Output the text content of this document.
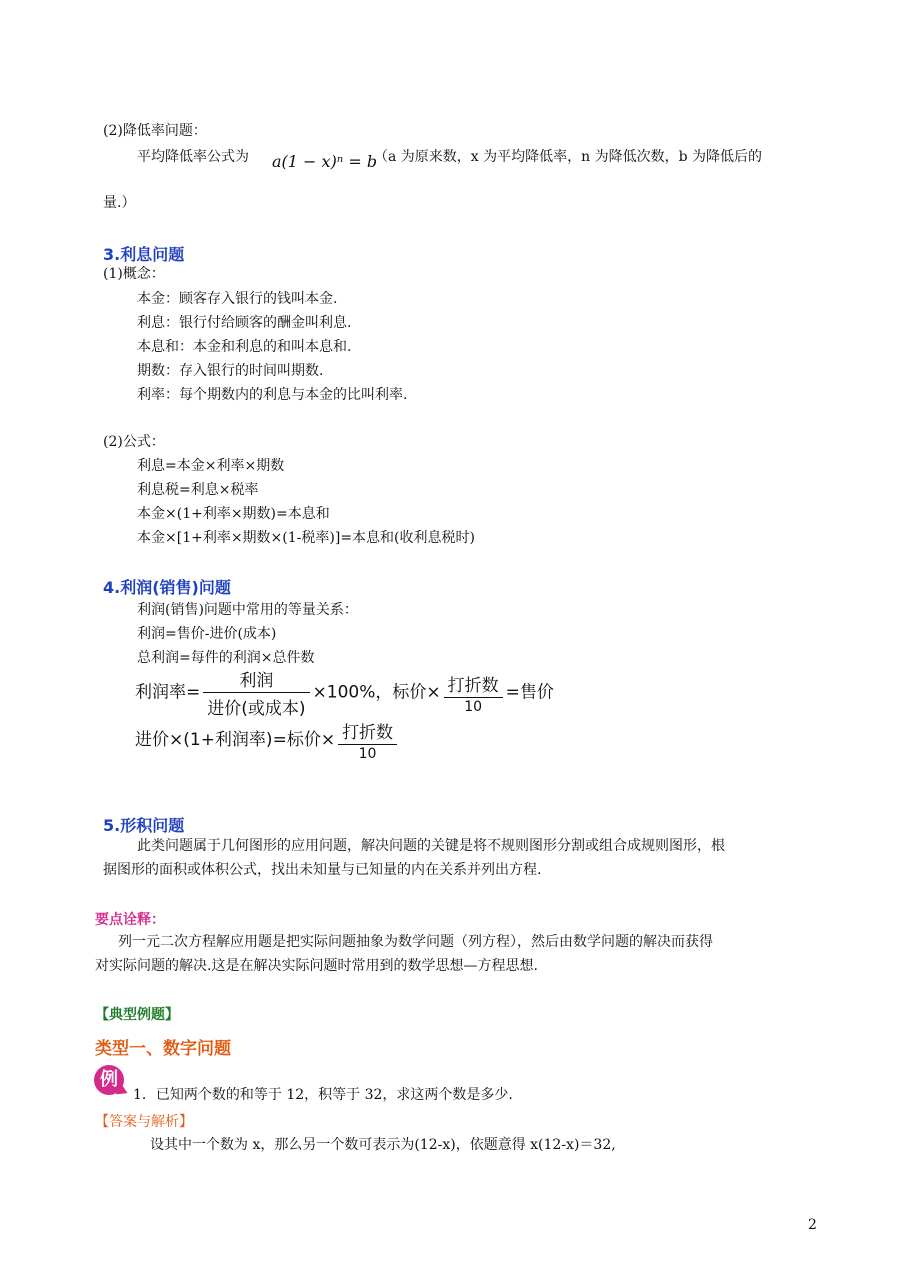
(2)降低率问题：
平均降低率公式为 a(1 − x)ⁿ = b
（a 为原来数，x 为平均降低率，n 为降低次数，b 为降低后的
量.）
3.利息问题
(1)概念：
本金：顾客存入银行的钱叫本金.
利息：银行付给顾客的酬金叫利息.
本息和：本金和利息的和叫本息和.
期数：存入银行的时间叫期数.
利率：每个期数内的利息与本金的比叫利率.
(2)公式：
利息=本金×利率×期数
利息税=利息×税率
本金×(1+利率×期数)=本息和
本金×[1+利率×期数×(1-税率)]=本息和(收利息税时)
4.利润(销售)问题
利润(销售)问题中常用的等量关系：
利润=售价-进价(成本)
总利润=每件的利润×总件数
利润率= $\frac{\text{利润}}{\text{进价(或成本)}} \times 100\%$，标价× $\frac{\text{打折数}}{10}$ =售价
进价×(1+利润率)=标价× $\frac{\text{打折数}}{10}$
5.形积问题
此类问题属于几何图形的应用问题，解决问题的关键是将不规则图形分割或组合成规则图形，根
据图形的面积或体积公式，找出未知量与已知量的内在关系并列出方程.
要点诠释：
列一元二次方程解应用题是把实际问题抽象为数学问题（列方程），然后由数学问题的解决而获得
对实际问题的解决.这是在解决实际问题时常用到的数学思想—方程思想.
【典型例题】
类型一、数字问题
例
1．已知两个数的和等于 12，积等于 32，求这两个数是多少.
【答案与解析】
设其中一个数为 x，那么另一个数可表示为(12-x)，依题意得 x(12-x)＝32,
2
